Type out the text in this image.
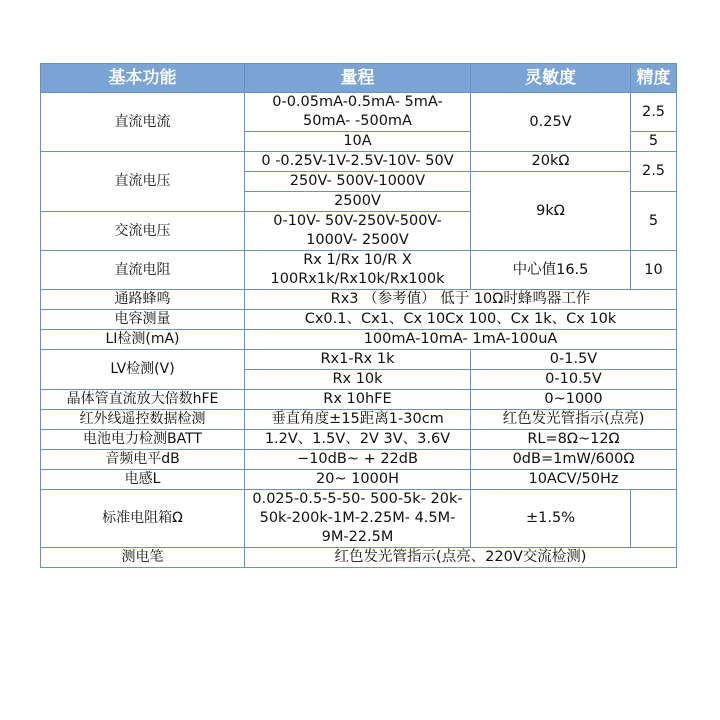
基本功能	量程	灵敏度	精度
直流电流	0-0.05mA-0.5mA- 5mA- 50mA- -500mA	0.25V	2.5
	10A		5
直流电压	0 -0.25V-1V-2.5V-10V- 50V	20kΩ	2.5
	250V- 500V-1000V	9kΩ	
	2500V		5
交流电压	0-10V- 50V-250V-500V- 1000V- 2500V		
直流电阻	Rx 1/Rx 10/R X 100Rx1k/Rx10k/Rx100k	中心值16.5	10
通路蜂鸣	Rx3 （参考值） 低于 10Ω时蜂鸣器工作		
电容测量	Cx0.1、Cx1、Cx 10Cx 100、Cx 1k、Cx 10k		
LI检测(mA)	100mA-10mA- 1mA-100uA		
LV检测(V)	Rx1-Rx 1k	0-1.5V	
	Rx 10k	0-10.5V	
晶体管直流放大倍数hFE	Rx 10hFE	0~1000	
红外线遥控数据检测	垂直角度±15距离1-30cm	红色发光管指示(点亮)	
电池电力检测BATT	1.2V、1.5V、2V 3V、3.6V	RL=8Ω~12Ω	
音频电平dB	−10dB~ + 22dB	0dB=1mW/600Ω	
电感L	20~ 1000H	10ACV/50Hz	
标准电阻箱Ω	0.025-0.5-5-50- 500-5k- 20k-50k-200k-1M-2.25M- 4.5M-9M-22.5M	±1.5%	
测电笔	红色发光管指示(点亮、220V交流检测)		
